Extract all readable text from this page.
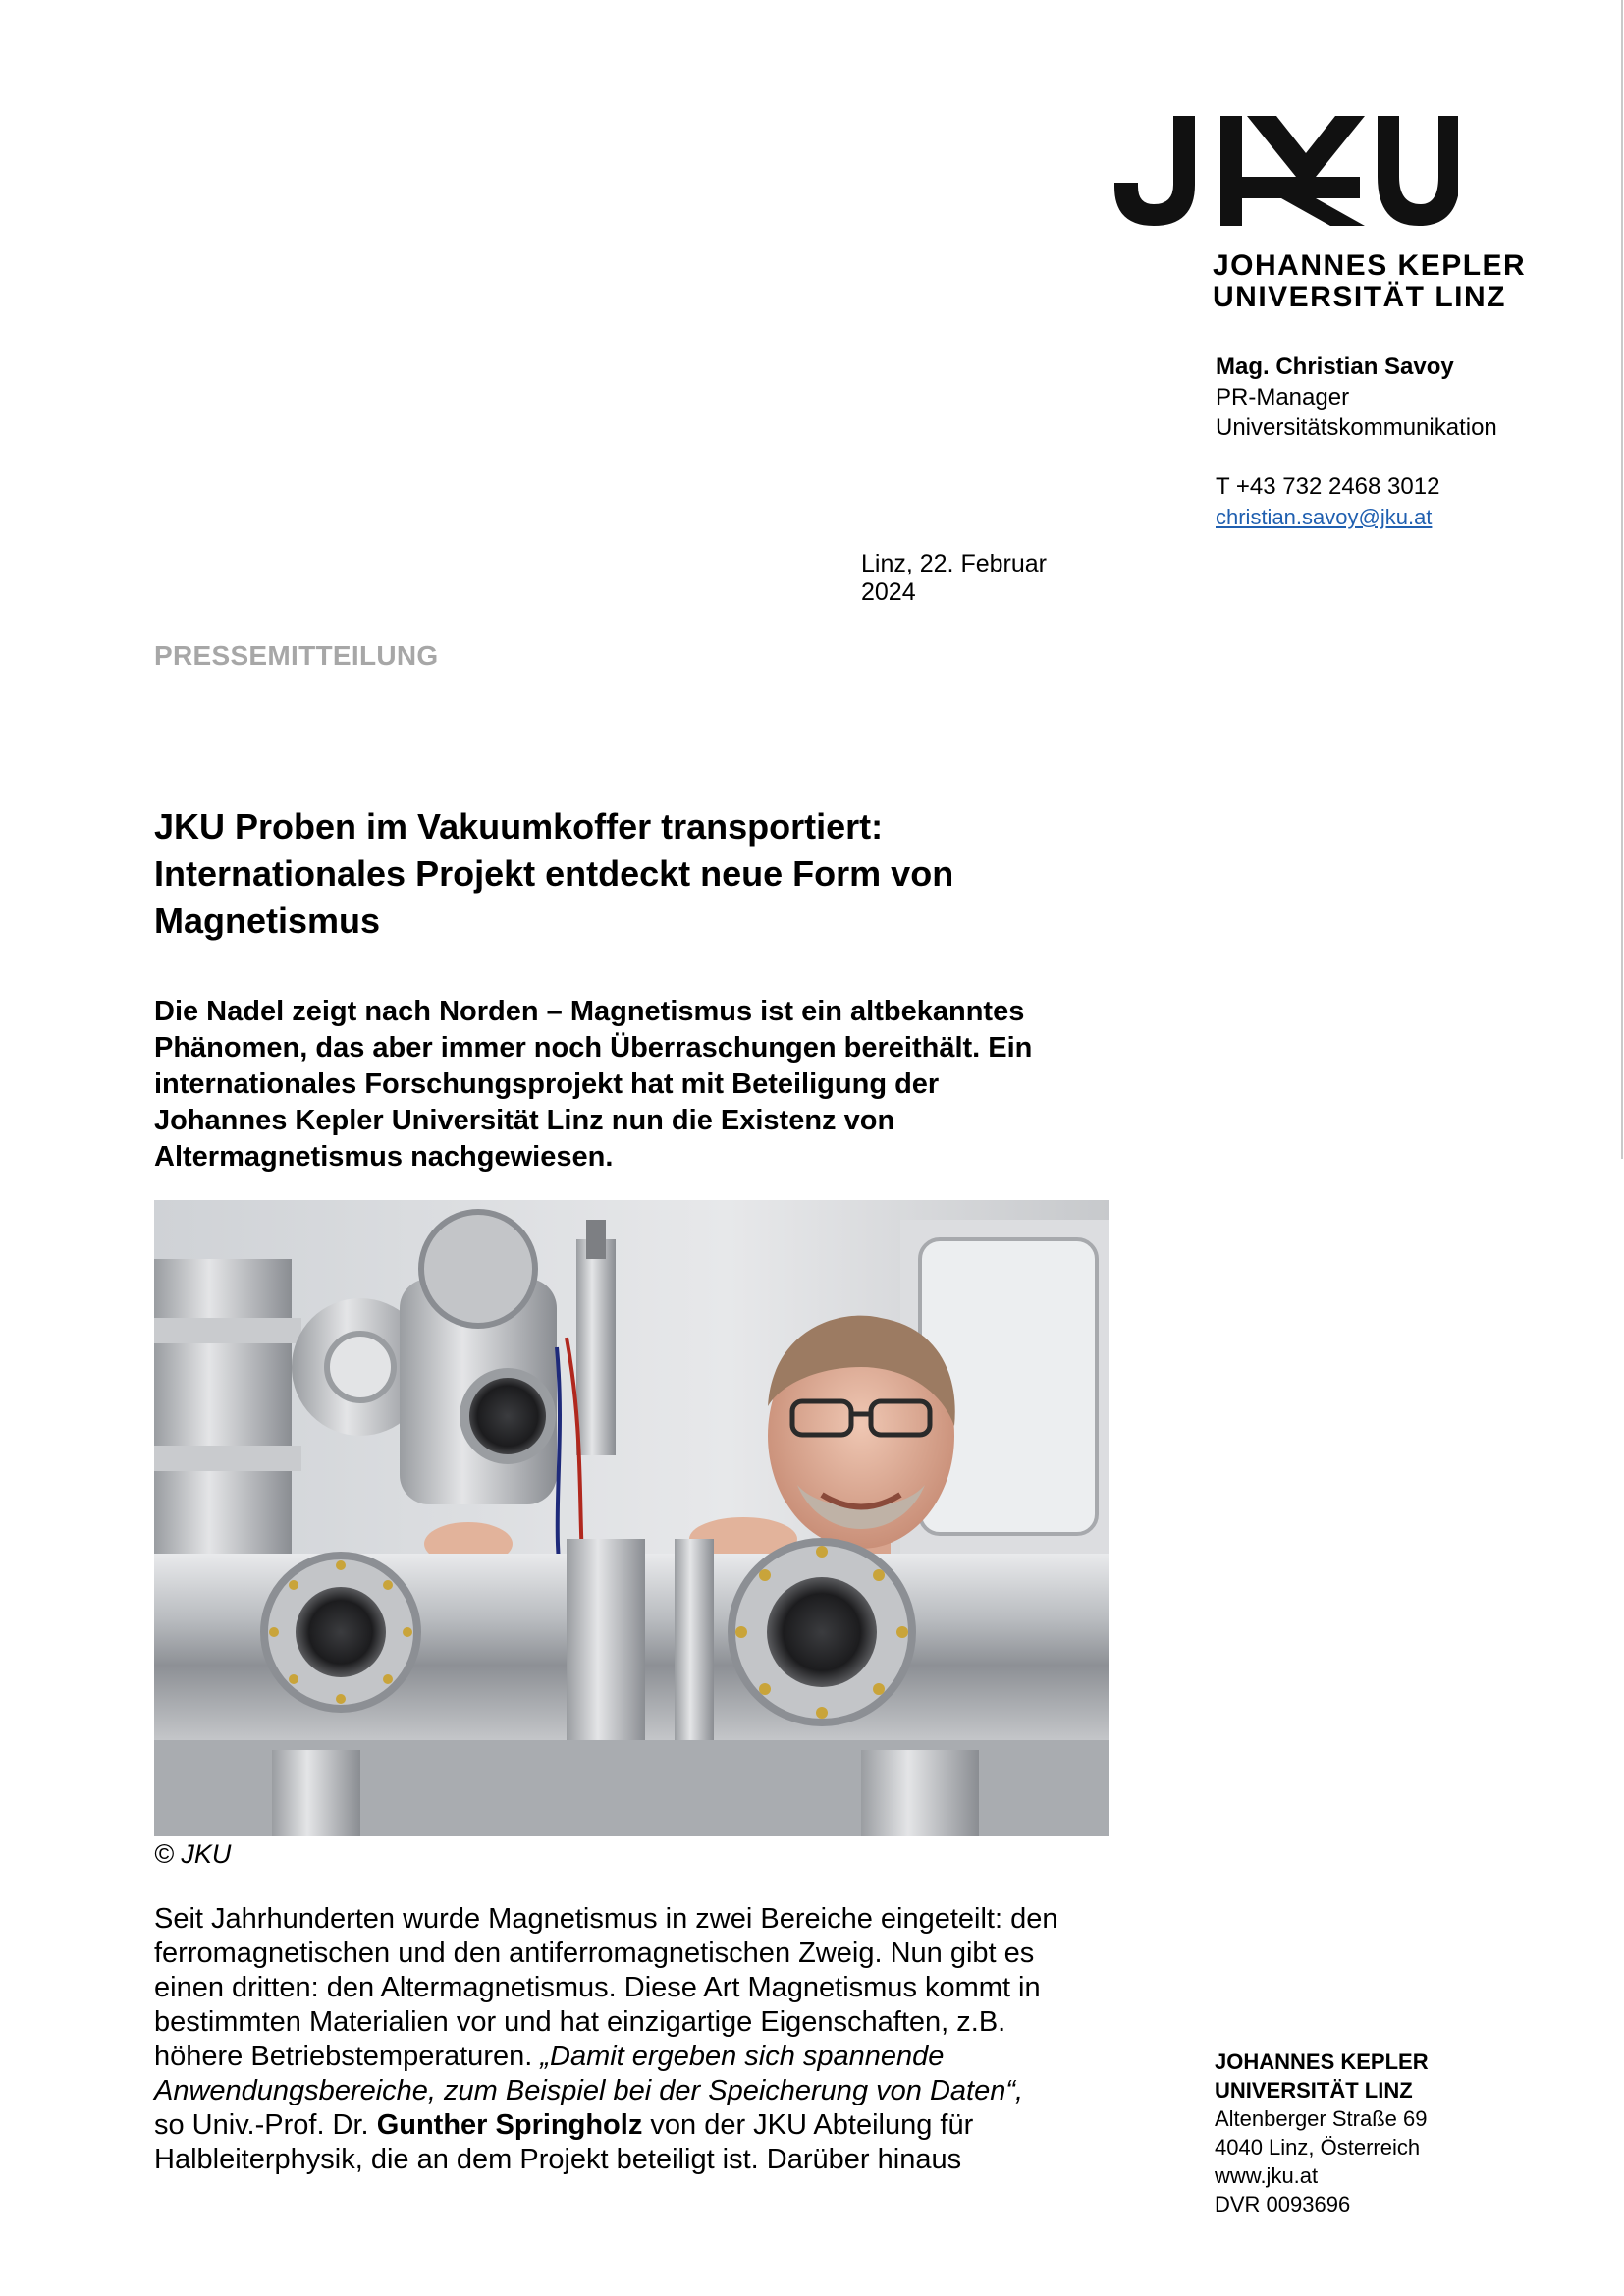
JOHANNES KEPLER
UNIVERSITÄT LINZ
Mag. Christian Savoy
PR-Manager
Universitätskommunikation
T +43 732 2468 3012
christian.savoy@jku.at
Linz, 22. Februar 2024
PRESSEMITTEILUNG
JKU Proben im Vakuumkoffer transportiert:
Internationales Projekt entdeckt neue Form von
Magnetismus
Die Nadel zeigt nach Norden – Magnetismus ist ein altbekanntes
Phänomen, das aber immer noch Überraschungen bereithält. Ein
internationales Forschungsprojekt hat mit Beteiligung der
Johannes Kepler Universität Linz nun die Existenz von
Altermagnetismus nachgewiesen.
© JKU
Seit Jahrhunderten wurde Magnetismus in zwei Bereiche eingeteilt: den
ferromagnetischen und den antiferromagnetischen Zweig. Nun gibt es
einen dritten: den Altermagnetismus. Diese Art Magnetismus kommt in
bestimmten Materialien vor und hat einzigartige Eigenschaften, z.B.
höhere Betriebstemperaturen. „Damit ergeben sich spannende
Anwendungsbereiche, zum Beispiel bei der Speicherung von Daten“,
so Univ.-Prof. Dr. Gunther Springholz von der JKU Abteilung für
Halbleiterphysik, die an dem Projekt beteiligt ist. Darüber hinaus
JOHANNES KEPLER
UNIVERSITÄT LINZ
Altenberger Straße 69
4040 Linz, Österreich
www.jku.at
DVR 0093696
